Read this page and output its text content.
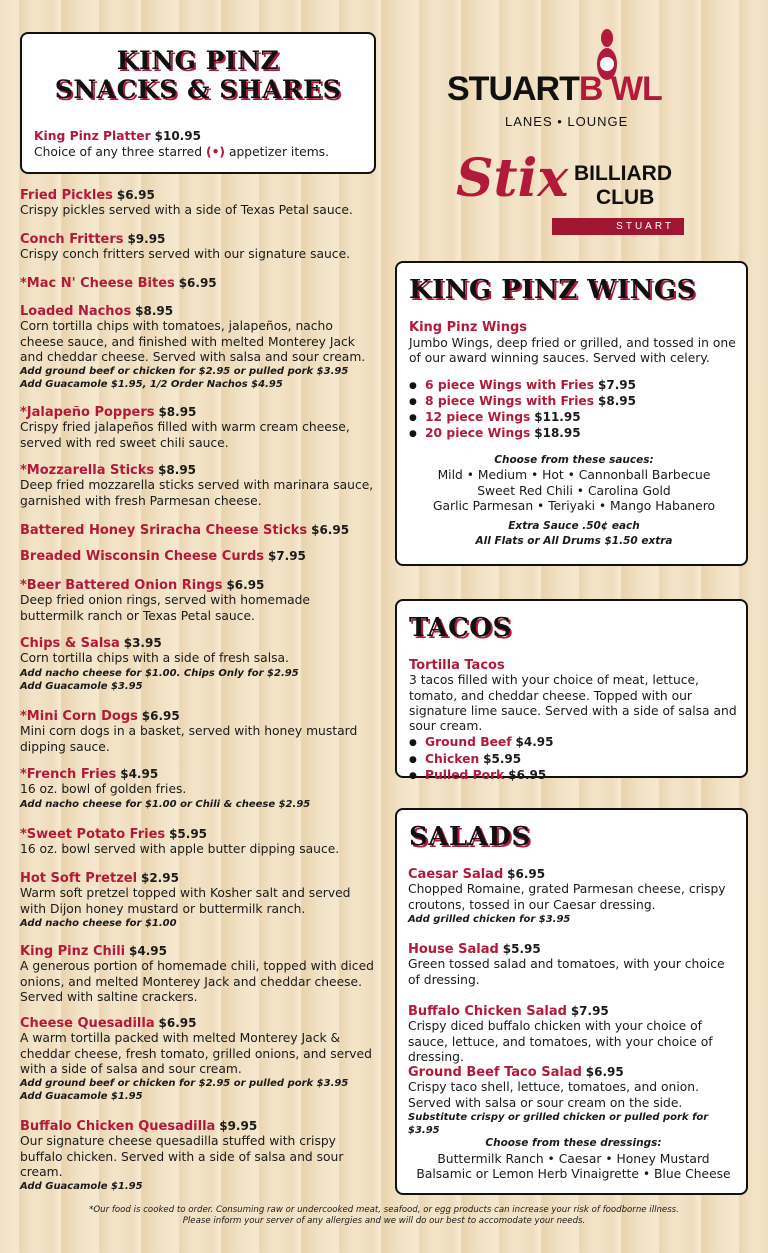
KING PINZ
SNACKS & SHARES
King Pinz Platter $10.95
Choice of any three starred (•) appetizer items.
STUARTB WL
LANES • LOUNGE
Stix BILLIARD
CLUB
STUART
Fried Pickles $6.95
Crispy pickles served with a side of Texas Petal sauce.
Conch Fritters $9.95
Crispy conch fritters served with our signature sauce.
*Mac N' Cheese Bites $6.95
Loaded Nachos $8.95
Corn tortilla chips with tomatoes, jalapeños, nacho cheese sauce, and finished with melted Monterey Jack and cheddar cheese. Served with salsa and sour cream.
Add ground beef or chicken for $2.95 or pulled pork $3.95
Add Guacamole $1.95, 1/2 Order Nachos $4.95
*Jalapeño Poppers $8.95
Crispy fried jalapeños filled with warm cream cheese, served with red sweet chili sauce.
*Mozzarella Sticks $8.95
Deep fried mozzarella sticks served with marinara sauce, garnished with fresh Parmesan cheese.
Battered Honey Sriracha Cheese Sticks $6.95
Breaded Wisconsin Cheese Curds $7.95
*Beer Battered Onion Rings $6.95
Deep fried onion rings, served with homemade buttermilk ranch or Texas Petal sauce.
Chips & Salsa $3.95
Corn tortilla chips with a side of fresh salsa.
Add nacho cheese for $1.00. Chips Only for $2.95
Add Guacamole $3.95
*Mini Corn Dogs $6.95
Mini corn dogs in a basket, served with honey mustard dipping sauce.
*French Fries $4.95
16 oz. bowl of golden fries.
Add nacho cheese for $1.00 or Chili & cheese $2.95
*Sweet Potato Fries $5.95
16 oz. bowl served with apple butter dipping sauce.
Hot Soft Pretzel $2.95
Warm soft pretzel topped with Kosher salt and served with Dijon honey mustard or buttermilk ranch.
Add nacho cheese for $1.00
King Pinz Chili $4.95
A generous portion of homemade chili, topped with diced onions, and melted Monterey Jack and cheddar cheese. Served with saltine crackers.
Cheese Quesadilla $6.95
A warm tortilla packed with melted Monterey Jack & cheddar cheese, fresh tomato, grilled onions, and served with a side of salsa and sour cream.
Add ground beef or chicken for $2.95 or pulled pork $3.95
Add Guacamole $1.95
Buffalo Chicken Quesadilla $9.95
Our signature cheese quesadilla stuffed with crispy buffalo chicken. Served with a side of salsa and sour cream.
Add Guacamole $1.95
KING PINZ WINGS
King Pinz Wings
Jumbo Wings, deep fried or grilled, and tossed in one of our award winning sauces. Served with celery.
● 6 piece Wings with Fries $7.95
● 8 piece Wings with Fries $8.95
● 12 piece Wings $11.95
● 20 piece Wings $18.95
Choose from these sauces:
Mild • Medium • Hot • Cannonball Barbecue
Sweet Red Chili • Carolina Gold
Garlic Parmesan • Teriyaki • Mango Habanero
Extra Sauce .50¢ each
All Flats or All Drums $1.50 extra
TACOS
Tortilla Tacos
3 tacos filled with your choice of meat, lettuce, tomato, and cheddar cheese. Topped with our signature lime sauce. Served with a side of salsa and sour cream.
● Ground Beef $4.95
● Chicken $5.95
● Pulled Pork $6.95
SALADS
Caesar Salad $6.95
Chopped Romaine, grated Parmesan cheese, crispy croutons, tossed in our Caesar dressing.
Add grilled chicken for $3.95
House Salad $5.95
Green tossed salad and tomatoes, with your choice of dressing.
Buffalo Chicken Salad $7.95
Crispy diced buffalo chicken with your choice of sauce, lettuce, and tomatoes, with your choice of dressing.
Ground Beef Taco Salad $6.95
Crispy taco shell, lettuce, tomatoes, and onion. Served with salsa or sour cream on the side.
Substitute crispy or grilled chicken or pulled pork for $3.95
Choose from these dressings:
Buttermilk Ranch • Caesar • Honey Mustard
Balsamic or Lemon Herb Vinaigrette • Blue Cheese
*Our food is cooked to order. Consuming raw or undercooked meat, seafood, or egg products can increase your risk of foodborne illness.
Please inform your server of any allergies and we will do our best to accomodate your needs.
